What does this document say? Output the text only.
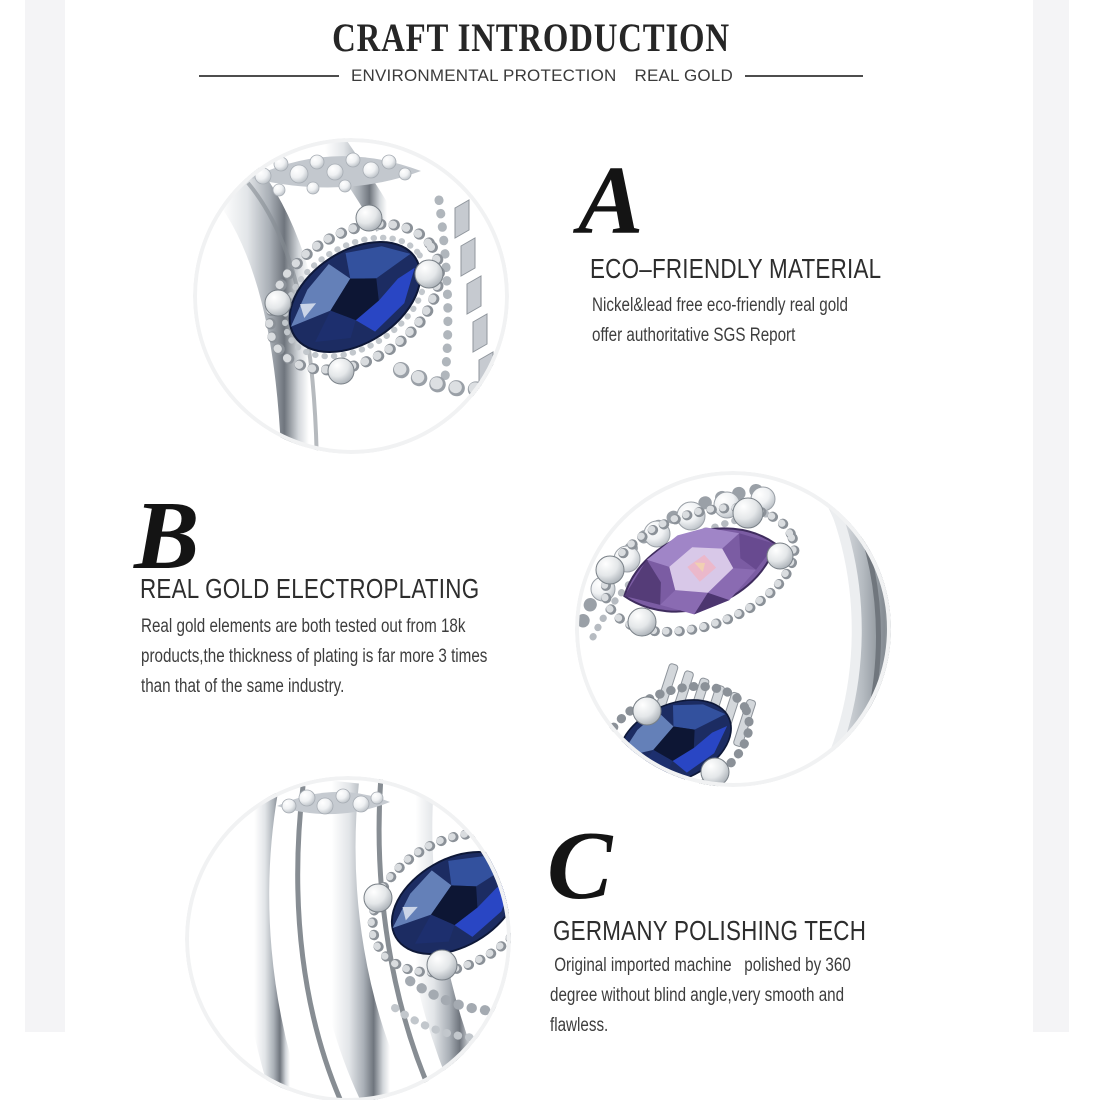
CRAFT INTRODUCTION
ENVIRONMENTAL PROTECTION REAL GOLD
A
ECO–FRIENDLY MATERIAL
Nickel&lead free eco-friendly real gold
offer authoritative SGS Report
B
REAL GOLD ELECTROPLATING
Real gold elements are both tested out from 18k
products,the thickness of plating is far more 3 times
than that of the same industry.
C
GERMANY POLISHING TECH
Original imported machine   polished by 360
degree without blind angle,very smooth and
flawless.
